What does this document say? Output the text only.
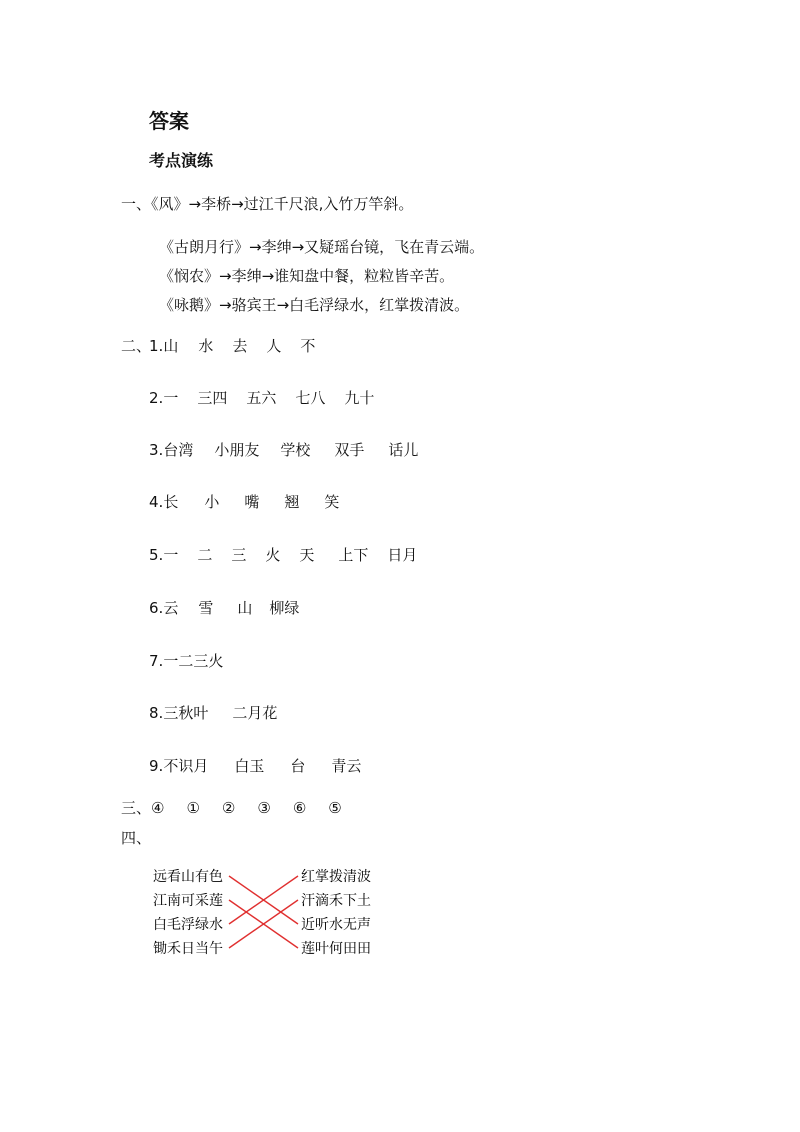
答案
考点演练
一、《风》→李桥→过江千尺浪,入竹万竿斜。
《古朗月行》→李绅→又疑瑶台镜，飞在青云端。
《悯农》→李绅→谁知盘中餐，粒粒皆辛苦。
《咏鹅》→骆宾王→白毛浮绿水，红掌拨清波。
二、
1.山 水 去 人 不
2.一 三四 五六 七八 九十
3.台湾 小朋友 学校 双手 话儿
4.长 小 嘴 翘 笑
5.一 二 三 火 天 上下 日月
6.云 雪 山 柳绿
7.一二三火
8.三秋叶 二月花
9.不识月 白玉 台 青云
三、④ ① ② ③ ⑥ ⑤
四、
远看山有色
江南可采莲
白毛浮绿水
锄禾日当午
红掌拨清波
汗滴禾下土
近听水无声
莲叶何田田
